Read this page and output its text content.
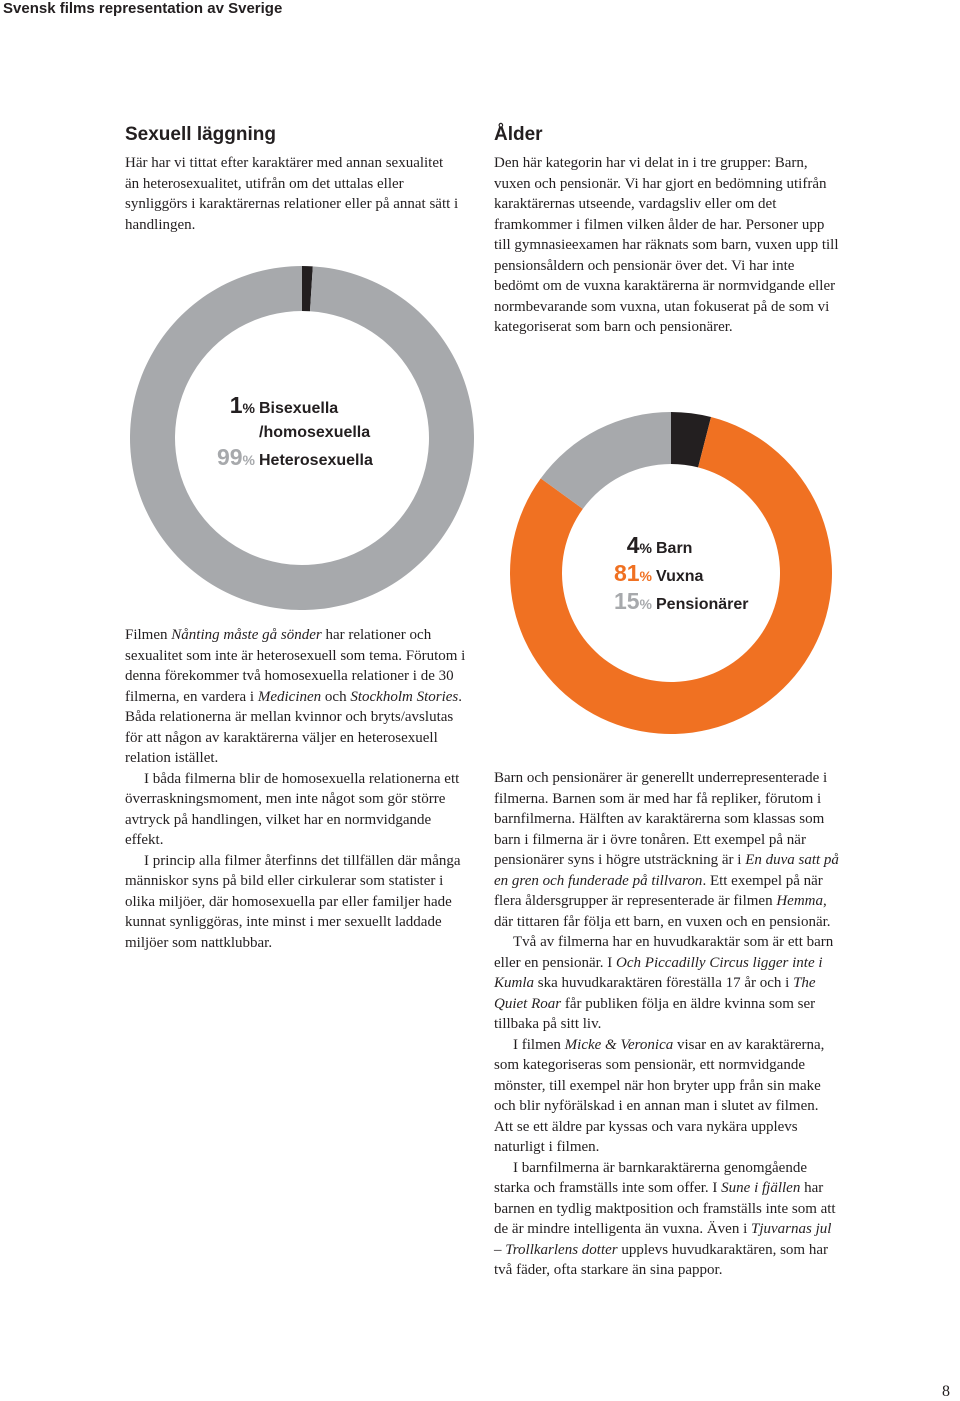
Svensk films representation av Sverige
Sexuell läggning

Här har vi tittat efter karaktärer med annan sexualitet än heterosexualitet, utifrån om det uttalas eller synliggörs i karaktärernas relationer eller på annat sätt i handlingen.

1% Bisexuella
/homosexuella
99% Heterosexuella

Filmen Nånting måste gå sönder har relationer och sexualitet som inte är heterosexuell som tema. Förutom i denna förekommer två homosexuella relationer i de 30 filmerna, en vardera i Medicinen och Stockholm Stories. Båda relationerna är mellan kvinnor och bryts/avslutas för att någon av karaktärerna väljer en heterosexuell relation istället.

I båda filmerna blir de homosexuella relationerna ett överraskningsmoment, men inte något som gör större avtryck på handlingen, vilket har en normvidgande effekt.

I princip alla filmer återfinns det tillfällen där många människor syns på bild eller cirkulerar som statister i olika miljöer, där homosexuella par eller familjer hade kunnat synliggöras, inte minst i mer sexuellt laddade miljöer som nattklubbar.

Ålder

Den här kategorin har vi delat in i tre grupper: Barn, vuxen och pensionär. Vi har gjort en bedömning utifrån karaktärernas utseende, vardagsliv eller om det framkommer i filmen vilken ålder de har. Personer upp till gymnasieexamen har räknats som barn, vuxen upp till pensionsåldern och pensionär över det. Vi har inte bedömt om de vuxna karaktärerna är normvidgande eller normbevarande som vuxna, utan fokuserat på de som vi kategoriserat som barn och pensionärer.

4% Barn
81% Vuxna
15% Pensionärer

Barn och pensionärer är generellt underrepresenterade i filmerna. Barnen som är med har få repliker, förutom i barnfilmerna. Hälften av karaktärerna som klassas som barn i filmerna är i övre tonåren. Ett exempel på när pensionärer syns i högre utsträckning är i En duva satt på en gren och funderade på tillvaron. Ett exempel på när flera åldersgrupper är representerade är filmen Hemma, där tittaren får följa ett barn, en vuxen och en pensionär.

Två av filmerna har en huvudkaraktär som är ett barn eller en pensionär. I Och Piccadilly Circus ligger inte i Kumla ska huvudkaraktären föreställa 17 år och i The Quiet Roar får publiken följa en äldre kvinna som ser tillbaka på sitt liv.

I filmen Micke & Veronica visar en av karaktärerna, som kategoriseras som pensionär, ett normvidgande mönster, till exempel när hon bryter upp från sin make och blir nyförälskad i en annan man i slutet av filmen. Att se ett äldre par kyssas och vara nykära upplevs naturligt i filmen.

I barnfilmerna är barnkaraktärerna genomgående starka och framställs inte som offer. I Sune i fjällen har barnen en tydlig maktposition och framställs inte som att de är mindre intelligenta än vuxna. Även i Tjuvarnas jul – Trollkarlens dotter upplevs huvudkaraktären, som har två fäder, ofta starkare än sina pappor.

8
